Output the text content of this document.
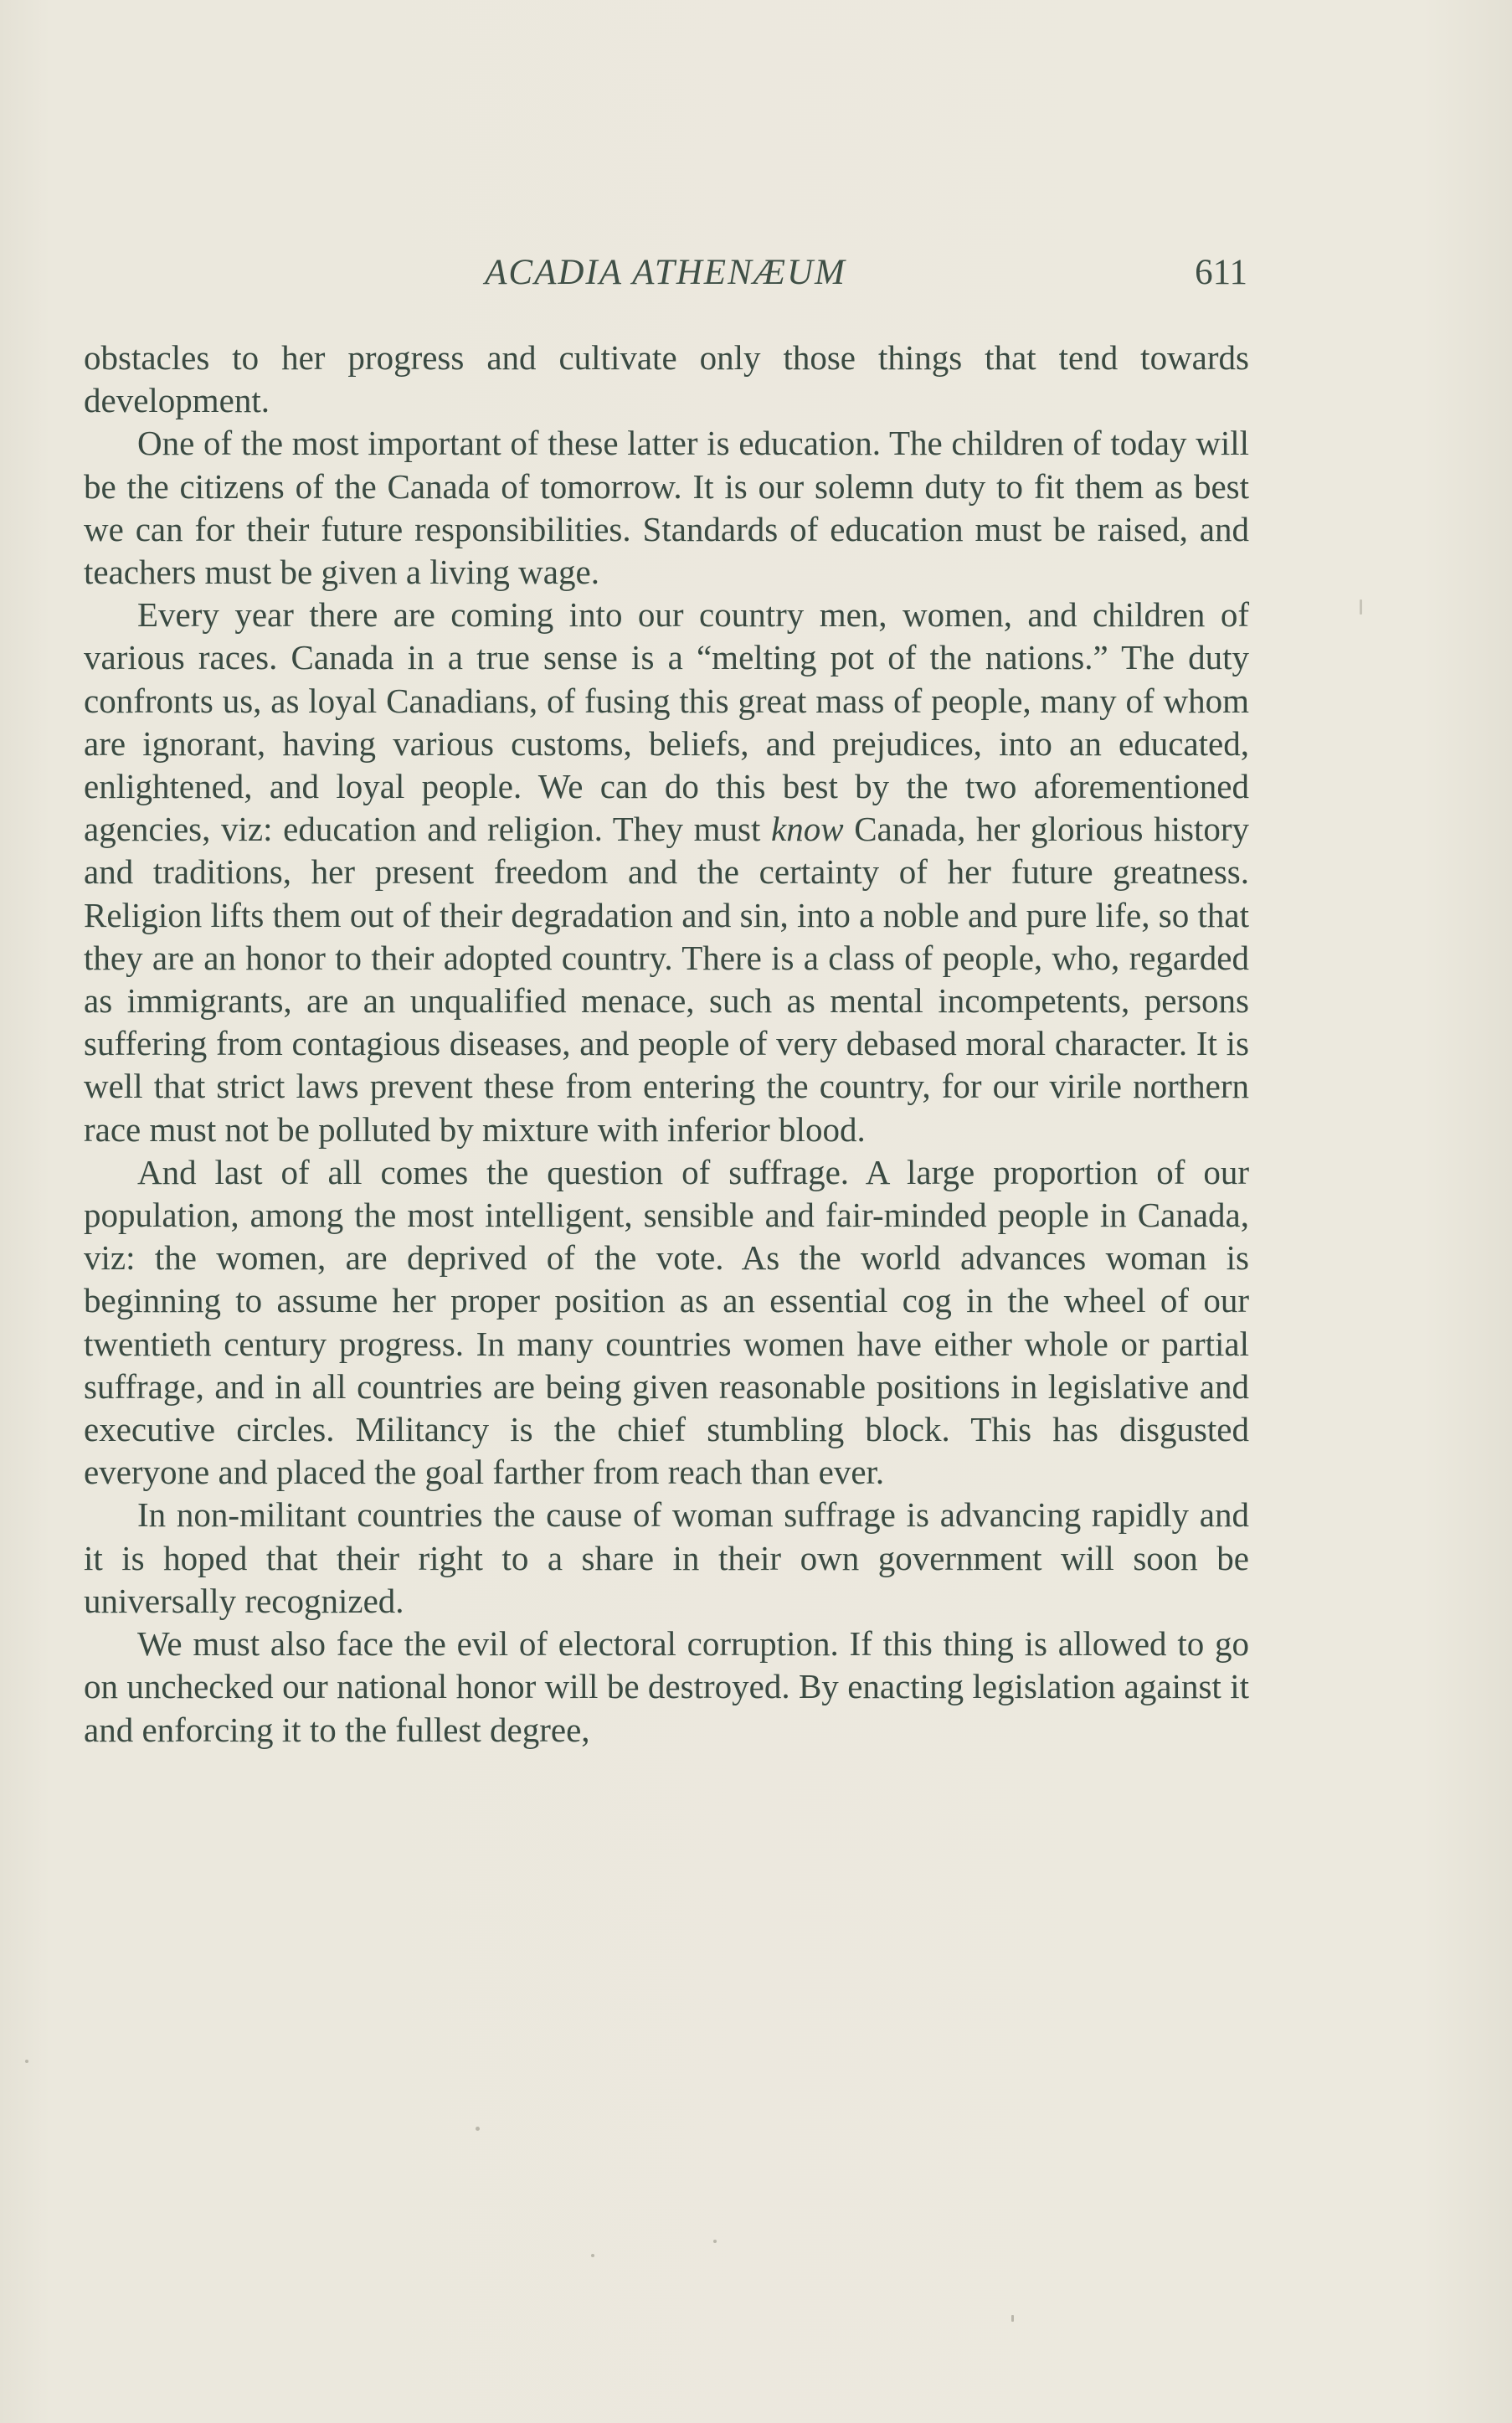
ACADIA ATHENÆUM	611

obstacles to her progress and cultivate only those things that tend towards development.

One of the most important of these latter is education. The children of today will be the citizens of the Canada of tomorrow. It is our solemn duty to fit them as best we can for their future responsibilities. Standards of education must be raised, and teachers must be given a living wage.

Every year there are coming into our country men, women, and children of various races. Canada in a true sense is a “melting pot of the nations.” The duty confronts us, as loyal Canadians, of fusing this great mass of people, many of whom are ignorant, having various customs, beliefs, and prejudices, into an educated, enlightened, and loyal people. We can do this best by the two aforementioned agencies, viz: education and religion. They must know Canada, her glorious history and traditions, her present freedom and the certainty of her future greatness. Religion lifts them out of their degradation and sin, into a noble and pure life, so that they are an honor to their adopted country. There is a class of people, who, regarded as immigrants, are an unqualified menace, such as mental incompetents, persons suffering from contagious diseases, and people of very debased moral character. It is well that strict laws prevent these from entering the country, for our virile northern race must not be polluted by mixture with inferior blood.

And last of all comes the question of suffrage. A large proportion of our population, among the most intelligent, sensible and fair-minded people in Canada, viz: the women, are deprived of the vote. As the world advances woman is beginning to assume her proper position as an essential cog in the wheel of our twentieth century progress. In many countries women have either whole or partial suffrage, and in all countries are being given reasonable positions in legislative and executive circles. Militancy is the chief stumbling block. This has disgusted everyone and placed the goal farther from reach than ever.

In non-militant countries the cause of woman suffrage is advancing rapidly and it is hoped that their right to a share in their own government will soon be universally recognized.

We must also face the evil of electoral corruption. If this thing is allowed to go on unchecked our national honor will be destroyed. By enacting legislation against it and enforcing it to the fullest degree,
